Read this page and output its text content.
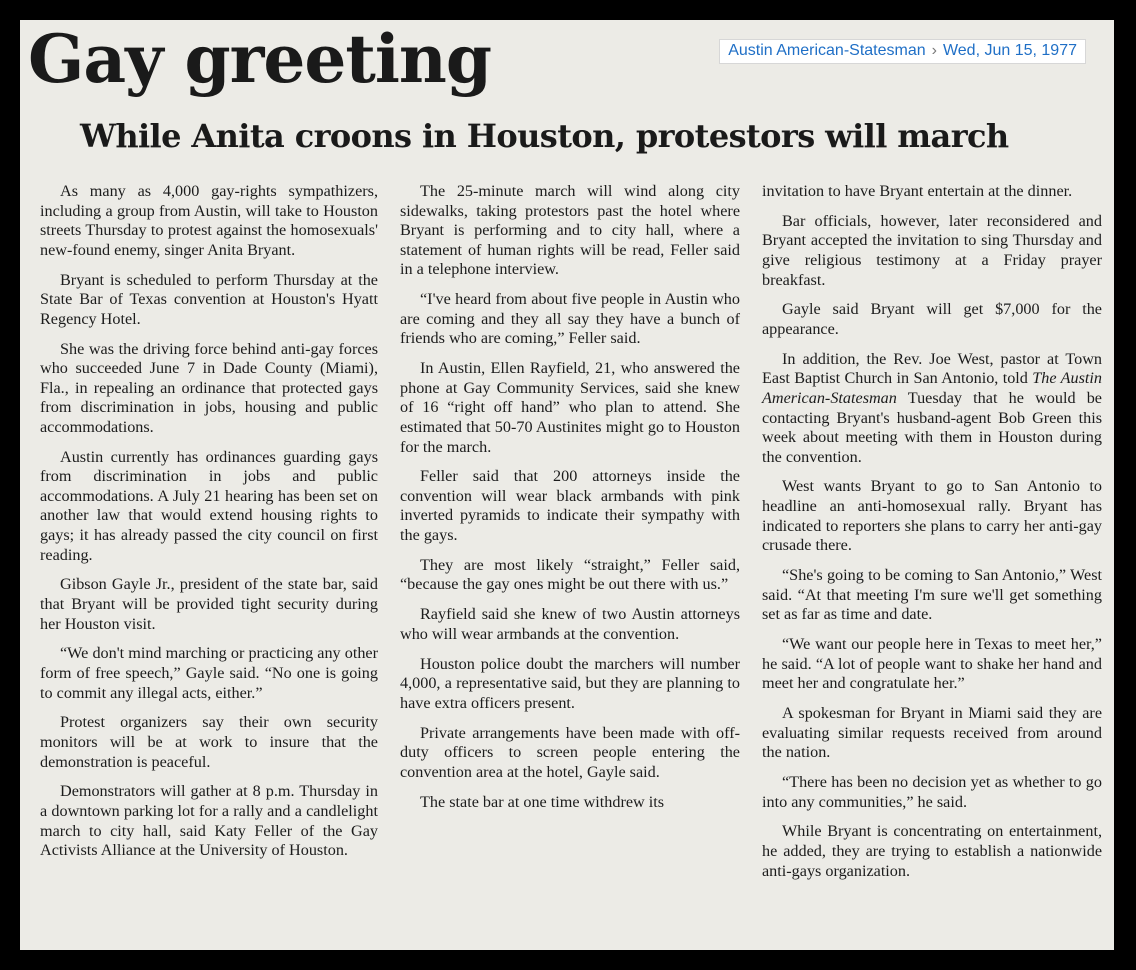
Austin American-Statesman › Wed, Jun 15, 1977
Gay greeting
While Anita croons in Houston, protestors will march

As many as 4,000 gay-rights sympathizers, including a group from Austin, will take to Houston streets Thursday to protest against the homosexuals' new-found enemy, singer Anita Bryant.

Bryant is scheduled to perform Thursday at the State Bar of Texas convention at Houston's Hyatt Regency Hotel.

She was the driving force behind anti-gay forces who succeeded June 7 in Dade County (Miami), Fla., in repealing an ordinance that protected gays from discrimination in jobs, housing and public accommodations.

Austin currently has ordinances guarding gays from discrimination in jobs and public accommodations. A July 21 hearing has been set on another law that would extend housing rights to gays; it has already passed the city council on first reading.

Gibson Gayle Jr., president of the state bar, said that Bryant will be provided tight security during her Houston visit.

“We don't mind marching or practicing any other form of free speech,” Gayle said. “No one is going to commit any illegal acts, either.”

Protest organizers say their own security monitors will be at work to insure that the demonstration is peaceful.

Demonstrators will gather at 8 p.m. Thursday in a downtown parking lot for a rally and a candlelight march to city hall, said Katy Feller of the Gay Activists Alliance at the University of Houston.

The 25-minute march will wind along city sidewalks, taking protestors past the hotel where Bryant is performing and to city hall, where a statement of human rights will be read, Feller said in a telephone interview.

“I've heard from about five people in Austin who are coming and they all say they have a bunch of friends who are coming,” Feller said.

In Austin, Ellen Rayfield, 21, who answered the phone at Gay Community Services, said she knew of 16 “right off hand” who plan to attend. She estimated that 50-70 Austinites might go to Houston for the march.

Feller said that 200 attorneys inside the convention will wear black armbands with pink inverted pyramids to indicate their sympathy with the gays.

They are most likely “straight,” Feller said, “because the gay ones might be out there with us.”

Rayfield said she knew of two Austin attorneys who will wear armbands at the convention.

Houston police doubt the marchers will number 4,000, a representative said, but they are planning to have extra officers present.

Private arrangements have been made with off-duty officers to screen people entering the convention area at the hotel, Gayle said.

The state bar at one time withdrew its

invitation to have Bryant entertain at the dinner.

Bar officials, however, later reconsidered and Bryant accepted the invitation to sing Thursday and give religious testimony at a Friday prayer breakfast.

Gayle said Bryant will get $7,000 for the appearance.

In addition, the Rev. Joe West, pastor at Town East Baptist Church in San Antonio, told The Austin American-Statesman Tuesday that he would be contacting Bryant's husband-agent Bob Green this week about meeting with them in Houston during the convention.

West wants Bryant to go to San Antonio to headline an anti-homosexual rally. Bryant has indicated to reporters she plans to carry her anti-gay crusade there.

“She's going to be coming to San Antonio,” West said. “At that meeting I'm sure we'll get something set as far as time and date.

“We want our people here in Texas to meet her,” he said. “A lot of people want to shake her hand and meet her and congratulate her.”

A spokesman for Bryant in Miami said they are evaluating similar requests received from around the nation.

“There has been no decision yet as whether to go into any communities,” he said.

While Bryant is concentrating on entertainment, he added, they are trying to establish a nationwide anti-gays organization.
